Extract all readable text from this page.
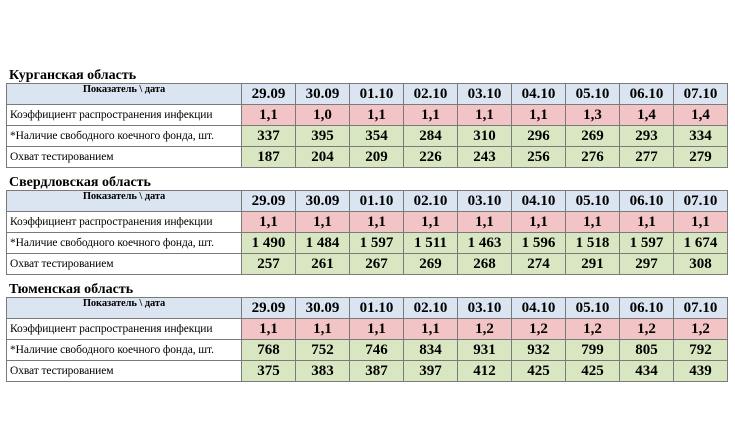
Курганская область
Показатель \ дата	29.09	30.09	01.10	02.10	03.10	04.10	05.10	06.10	07.10
Коэффициент распространения инфекции	1,1	1,0	1,1	1,1	1,1	1,1	1,3	1,4	1,4
*Наличие свободного коечного фонда, шт.	337	395	354	284	310	296	269	293	334
Охват тестированием	187	204	209	226	243	256	276	277	279
Свердловская область
Показатель \ дата	29.09	30.09	01.10	02.10	03.10	04.10	05.10	06.10	07.10
Коэффициент распространения инфекции	1,1	1,1	1,1	1,1	1,1	1,1	1,1	1,1	1,1
*Наличие свободного коечного фонда, шт.	1 490	1 484	1 597	1 511	1 463	1 596	1 518	1 597	1 674
Охват тестированием	257	261	267	269	268	274	291	297	308
Тюменская область
Показатель \ дата	29.09	30.09	01.10	02.10	03.10	04.10	05.10	06.10	07.10
Коэффициент распространения инфекции	1,1	1,1	1,1	1,1	1,2	1,2	1,2	1,2	1,2
*Наличие свободного коечного фонда, шт.	768	752	746	834	931	932	799	805	792
Охват тестированием	375	383	387	397	412	425	425	434	439
